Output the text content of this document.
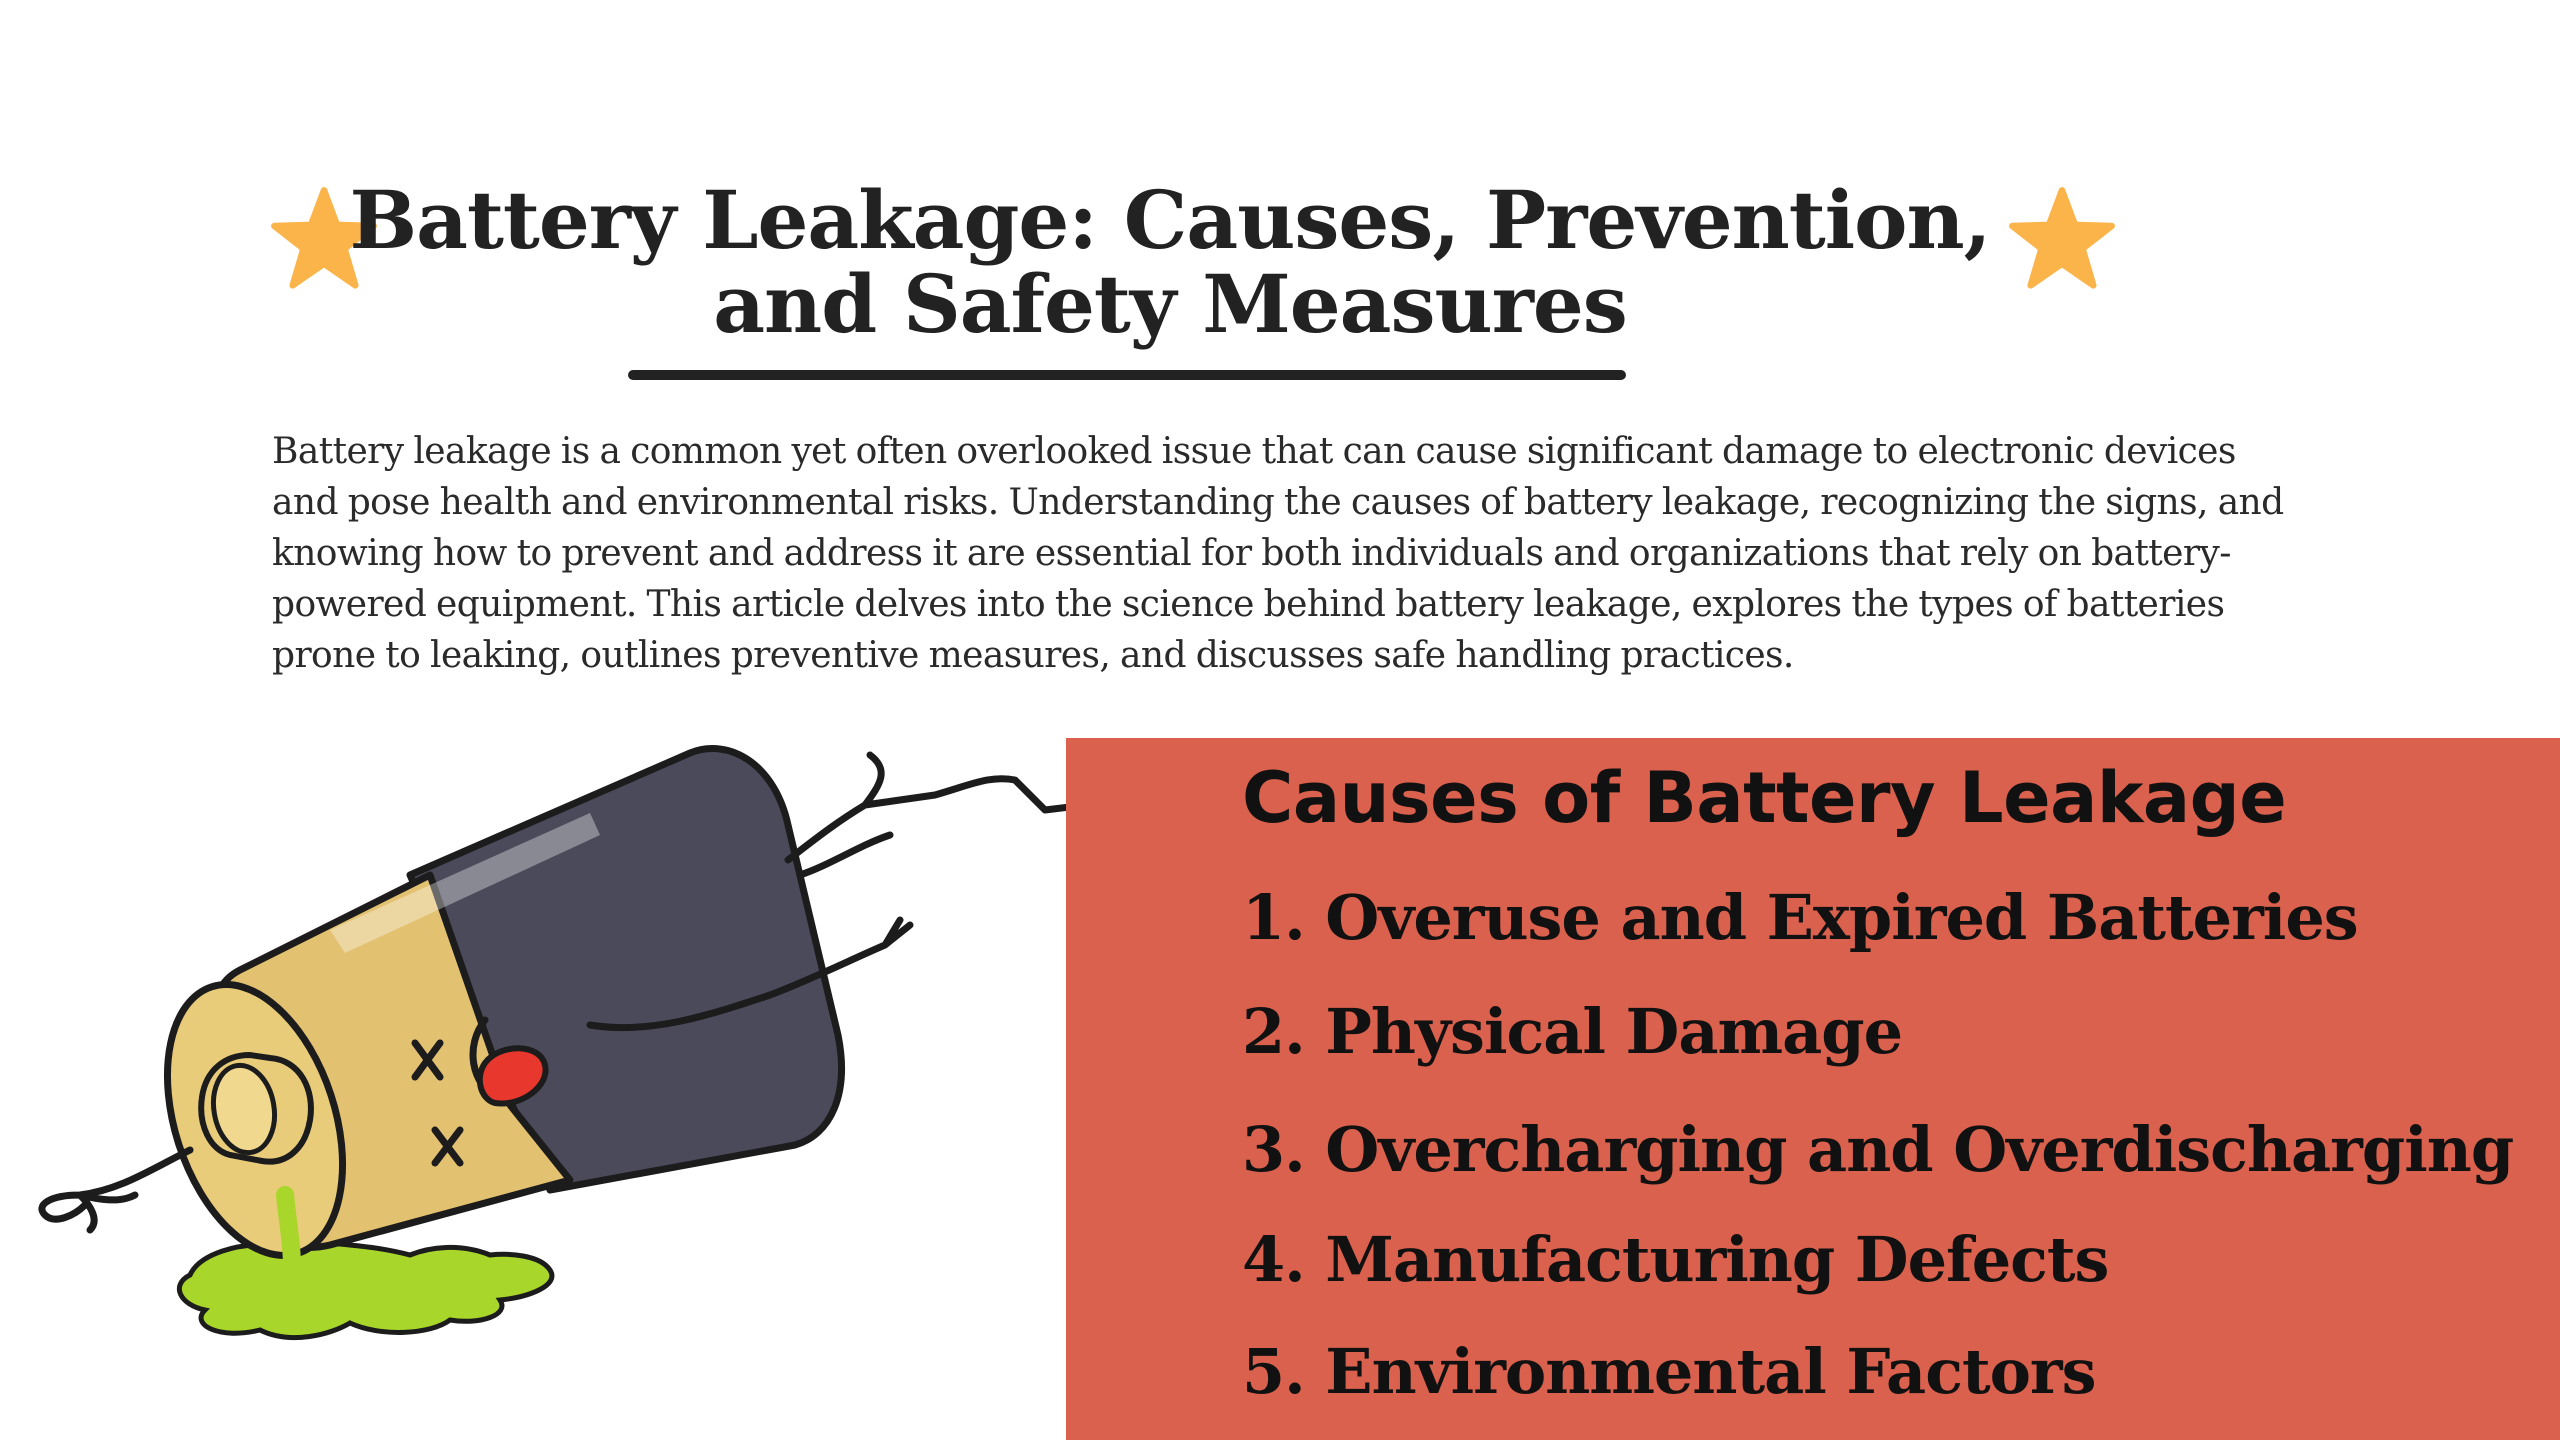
Battery Leakage: Causes, Prevention,
and Safety Measures
Battery leakage is a common yet often overlooked issue that can cause significant damage to electronic devices and pose health and environmental risks. Understanding the causes of battery leakage, recognizing the signs, and knowing how to prevent and address it are essential for both individuals and organizations that rely on battery-powered equipment. This article delves into the science behind battery leakage, explores the types of batteries prone to leaking, outlines preventive measures, and discusses safe handling practices.
Causes of Battery Leakage
1. Overuse and Expired Batteries
2. Physical Damage
3. Overcharging and Overdischarging
4. Manufacturing Defects
5. Environmental Factors
